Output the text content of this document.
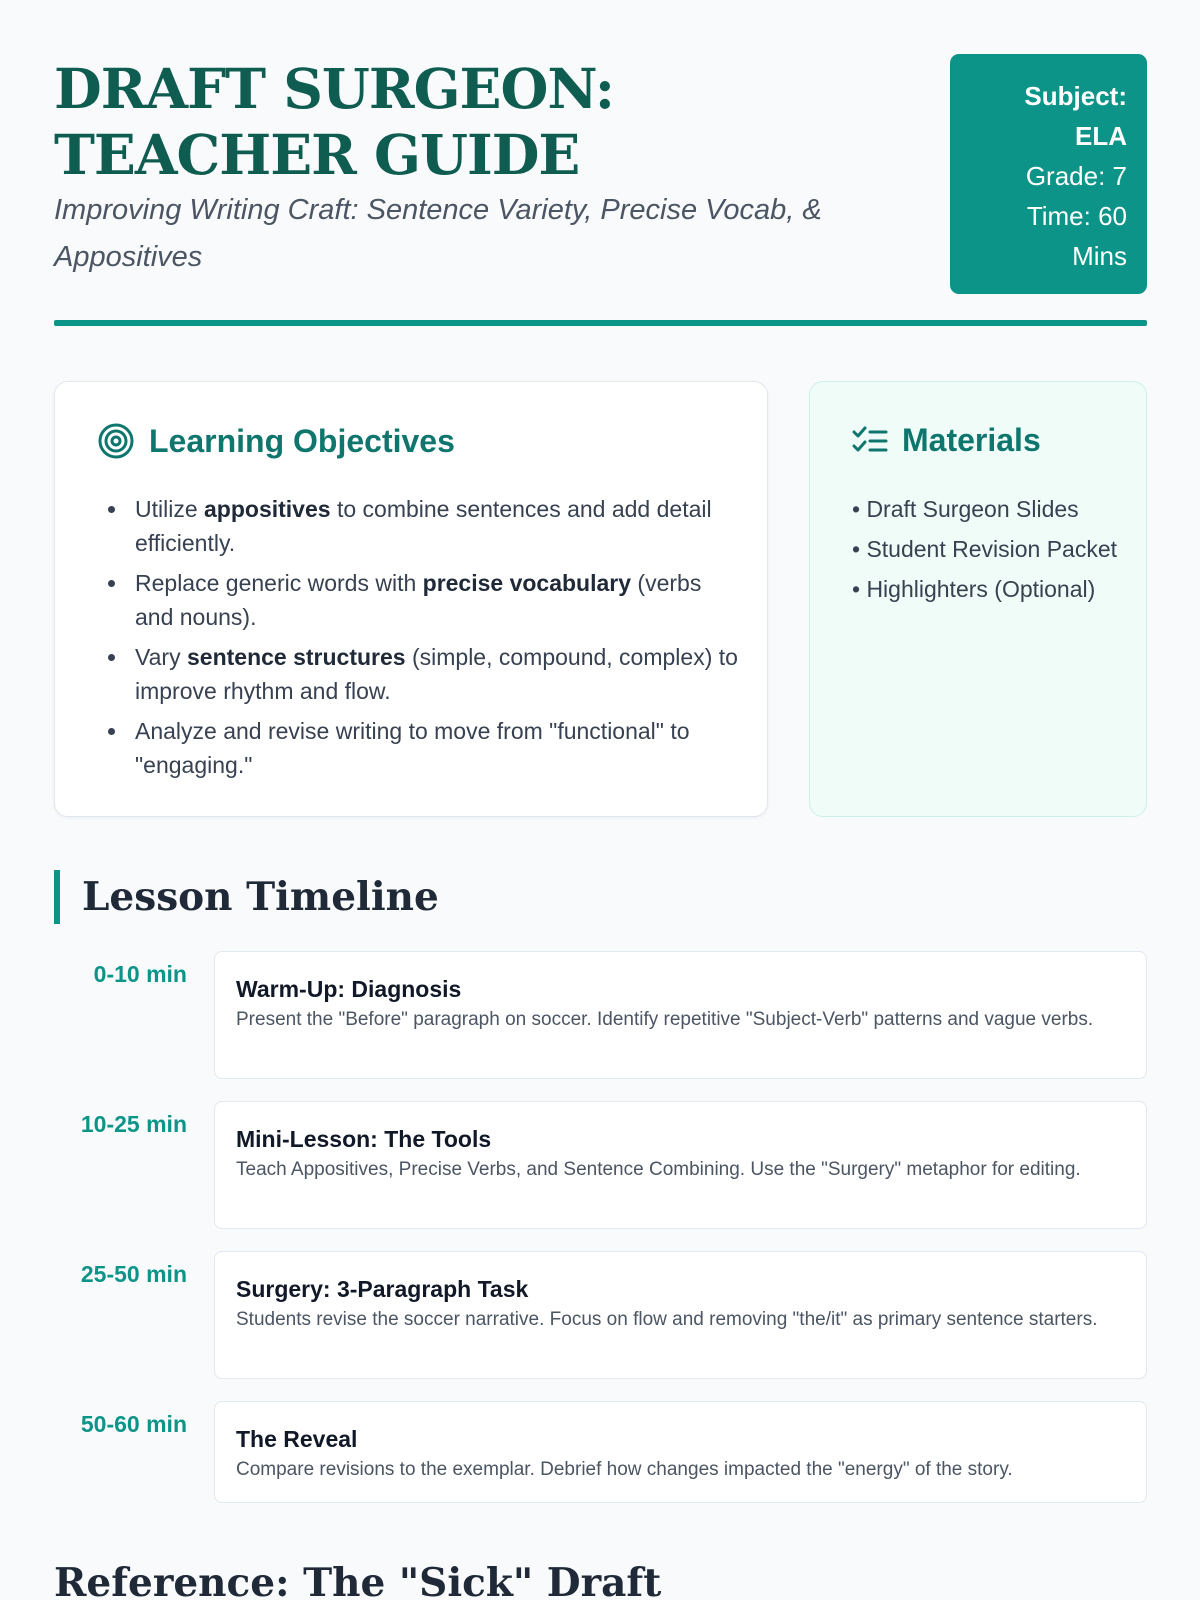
DRAFT SURGEON: TEACHER GUIDE
Improving Writing Craft: Sentence Variety, Precise Vocab, & Appositives
Subject:
ELA
Grade: 7
Time: 60 Mins
Learning Objectives
Utilize appositives to combine sentences and add detail efficiently.
Replace generic words with precise vocabulary (verbs and nouns).
Vary sentence structures (simple, compound, complex) to improve rhythm and flow.
Analyze and revise writing to move from "functional" to "engaging."
Materials
• Draft Surgeon Slides
• Student Revision Packet
• Highlighters (Optional)
Lesson Timeline
0-10 min
Warm-Up: Diagnosis
Present the "Before" paragraph on soccer. Identify repetitive "Subject-Verb" patterns and vague verbs.
10-25 min
Mini-Lesson: The Tools
Teach Appositives, Precise Verbs, and Sentence Combining. Use the "Surgery" metaphor for editing.
25-50 min
Surgery: 3-Paragraph Task
Students revise the soccer narrative. Focus on flow and removing "the/it" as primary sentence starters.
50-60 min
The Reveal
Compare revisions to the exemplar. Debrief how changes impacted the "energy" of the story.
Reference: The "Sick" Draft
